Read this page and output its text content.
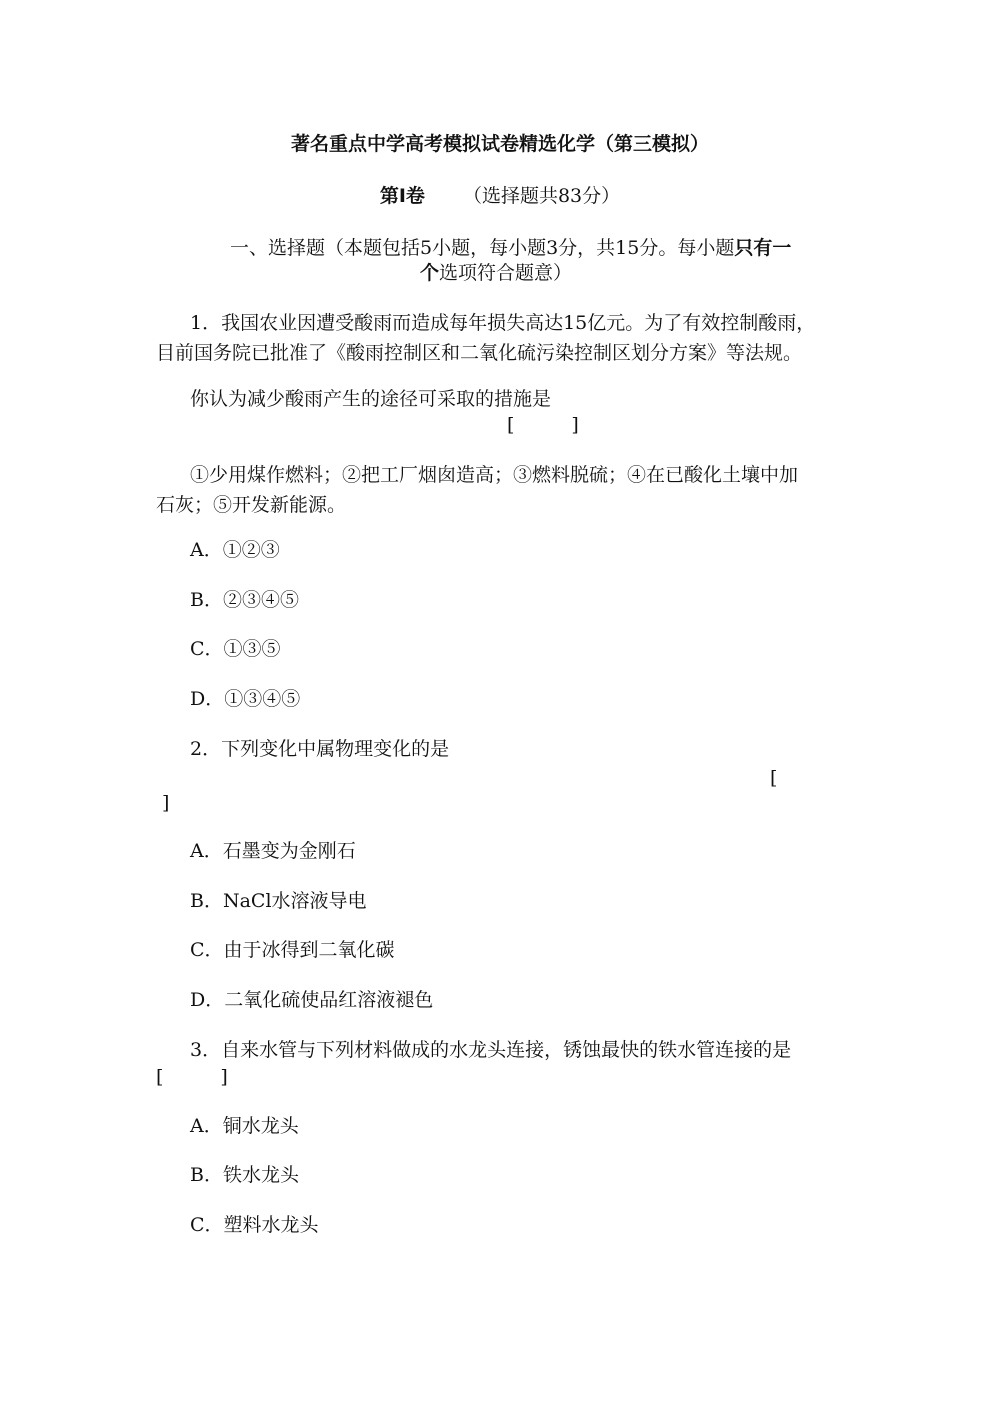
著名重点中学高考模拟试卷精选化学（第三模拟）
第Ⅰ卷 （选择题共83分）
一、选择题（本题包括5小题，每小题3分，共15分。每小题只有一
个选项符合题意）
1．我国农业因遭受酸雨而造成每年损失高达15亿元。为了有效控制酸雨，
目前国务院已批准了《酸雨控制区和二氧化硫污染控制区划分方案》等法规。
你认为减少酸雨产生的途径可采取的措施是
[　　　]
①少用煤作燃料；②把工厂烟囱造高；③燃料脱硫；④在已酸化土壤中加
石灰；⑤开发新能源。
A．①②③
B．②③④⑤
C．①③⑤
D．①③④⑤
2．下列变化中属物理变化的是
[
]
A．石墨变为金刚石
B．NaCl水溶液导电
C．由于冰得到二氧化碳
D．二氧化硫使品红溶液褪色
3．自来水管与下列材料做成的水龙头连接，锈蚀最快的铁水管连接的是
[　　　]
A．铜水龙头
B．铁水龙头
C．塑料水龙头
